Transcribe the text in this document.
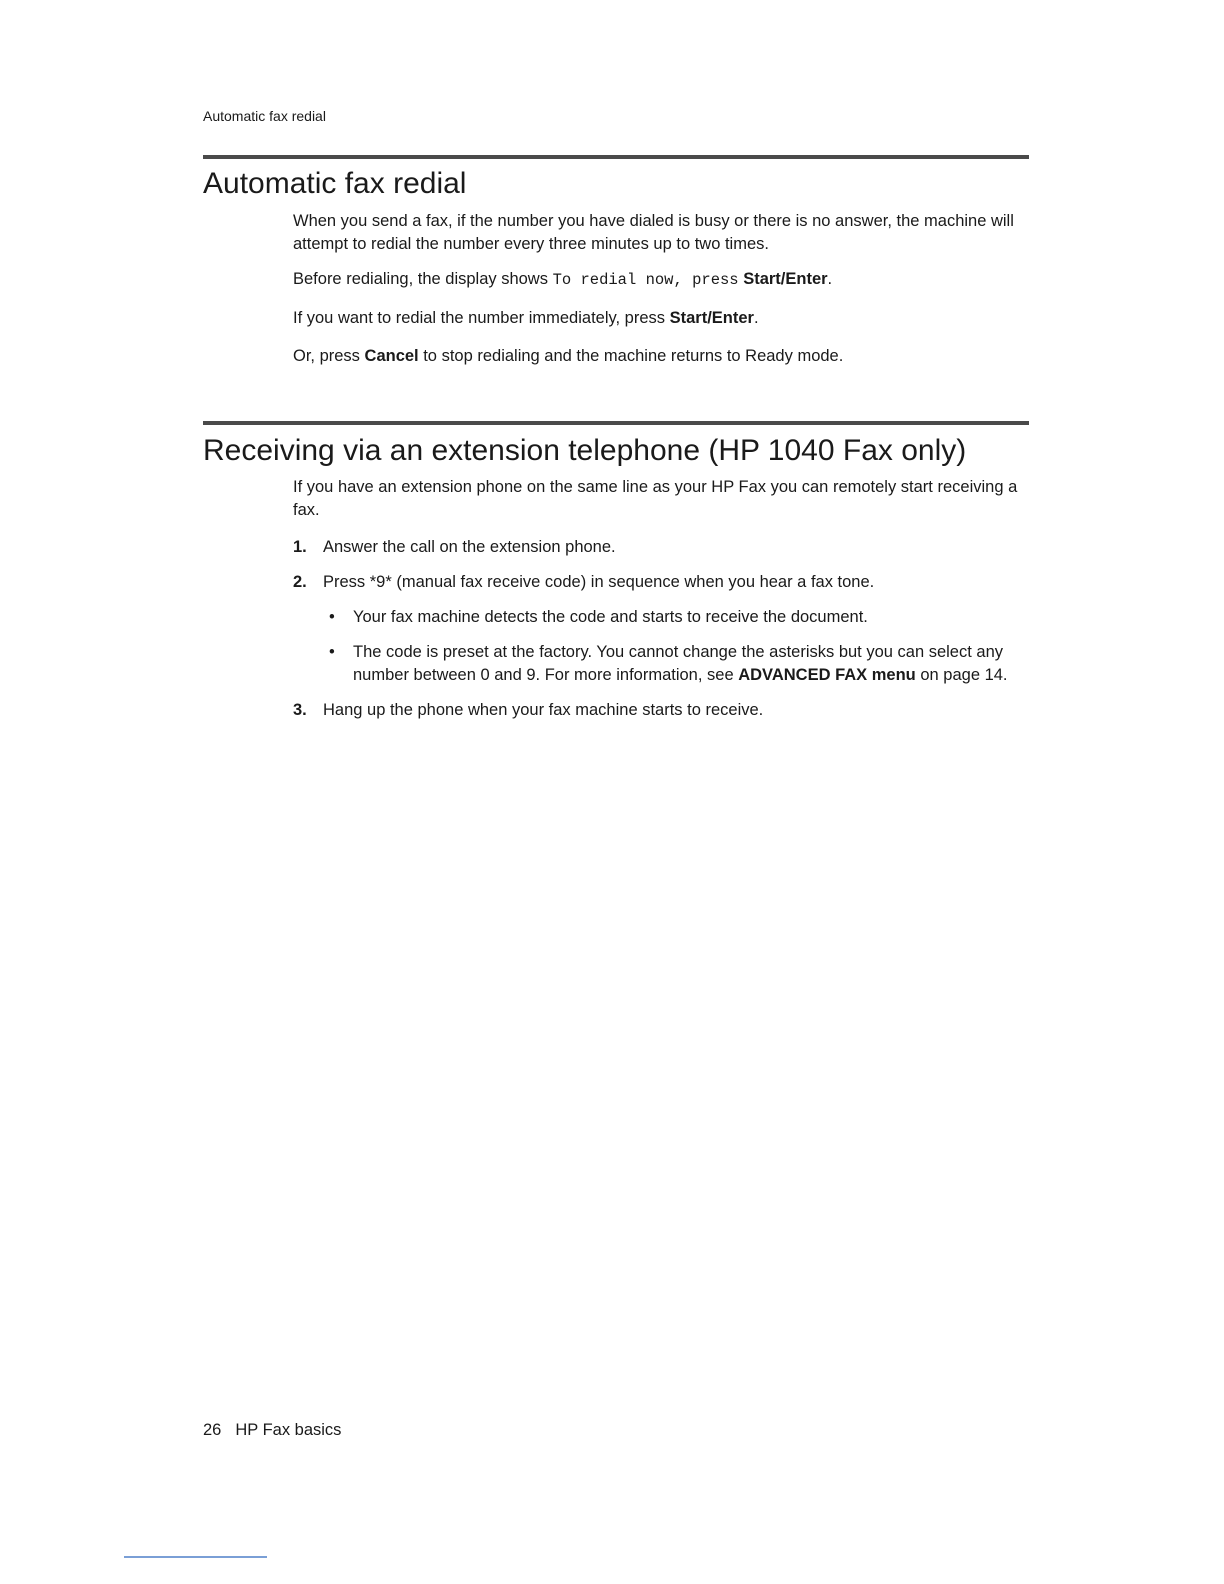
Automatic fax redial
Automatic fax redial

When you send a fax, if the number you have dialed is busy or there is no answer, the machine will attempt to redial the number every three minutes up to two times.

Before redialing, the display shows To redial now, press Start/Enter.

If you want to redial the number immediately, press Start/Enter.

Or, press Cancel to stop redialing and the machine returns to Ready mode.

Receiving via an extension telephone (HP 1040 Fax only)

If you have an extension phone on the same line as your HP Fax you can remotely start receiving a fax.

1. Answer the call on the extension phone.
2. Press *9* (manual fax receive code) in sequence when you hear a fax tone.
• Your fax machine detects the code and starts to receive the document.
• The code is preset at the factory. You cannot change the asterisks but you can select any number between 0 and 9. For more information, see ADVANCED FAX menu on page 14.
3. Hang up the phone when your fax machine starts to receive.
26 HP Fax basics
